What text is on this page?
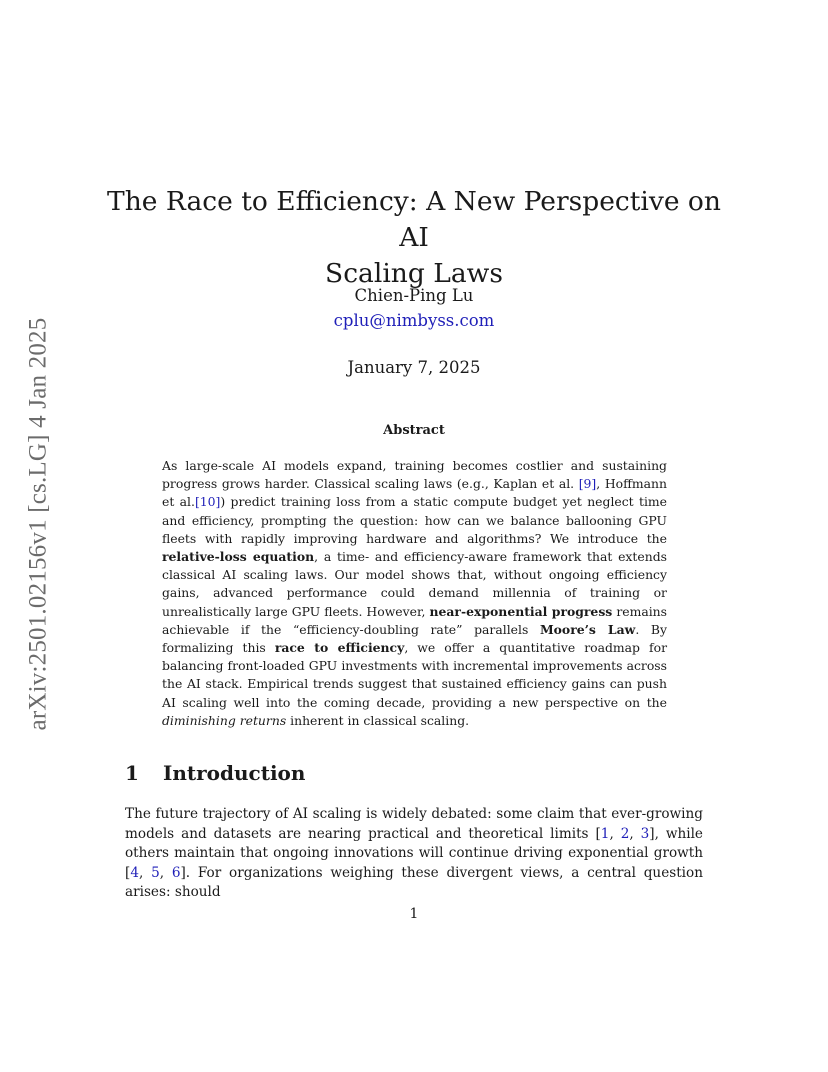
arXiv:2501.02156v1 [cs.LG] 4 Jan 2025
The Race to Efficiency: A New Perspective on AI
Scaling Laws
Chien-Ping Lu
cplu@nimbyss.com
January 7, 2025
Abstract

As large-scale AI models expand, training becomes costlier and sustaining progress grows harder. Classical scaling laws (e.g., Kaplan et al. [9], Hoffmann et al.[10]) predict training loss from a static compute budget yet neglect time and efficiency, prompting the question: how can we balance ballooning GPU fleets with rapidly improving hardware and algorithms? We introduce the relative-loss equation, a time- and efficiency-aware framework that extends classical AI scaling laws. Our model shows that, without ongoing efficiency gains, advanced performance could demand millennia of training or unrealistically large GPU fleets. However, near-exponential progress remains achievable if the “efficiency-doubling rate” parallels Moore’s Law. By formalizing this race to efficiency, we offer a quantitative roadmap for balancing front-loaded GPU investments with incremental improvements across the AI stack. Empirical trends suggest that sustained efficiency gains can push AI scaling well into the coming decade, providing a new perspective on the diminishing returns inherent in classical scaling.

1 Introduction

The future trajectory of AI scaling is widely debated: some claim that ever-growing models and datasets are nearing practical and theoretical limits [1, 2, 3], while others maintain that ongoing innovations will continue driving exponential growth [4, 5, 6]. For organizations weighing these divergent views, a central question arises: should

1
